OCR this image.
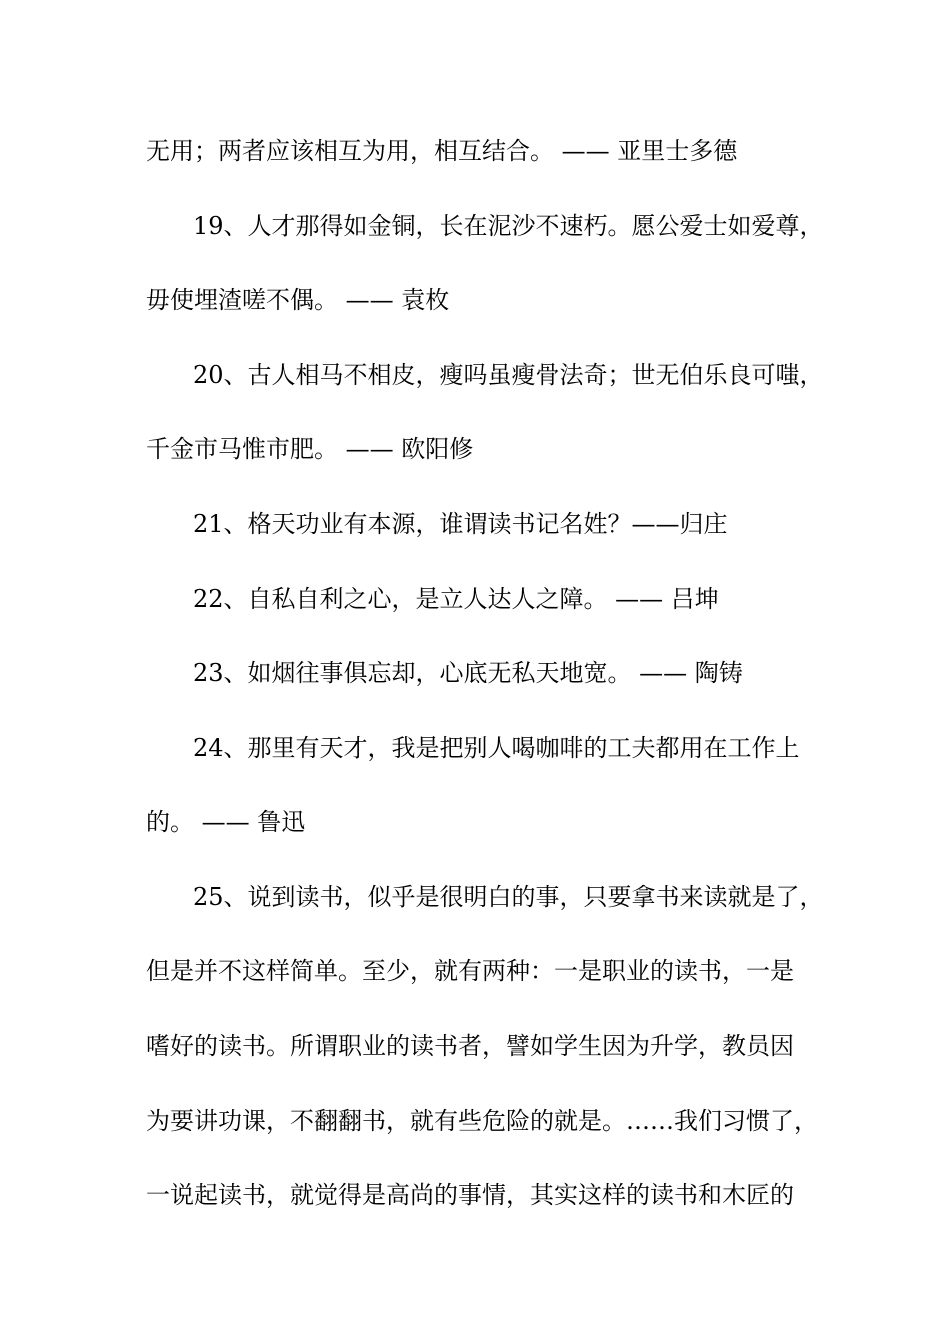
无用；两者应该相互为用，相互结合。 —— 亚里士多德
19、人才那得如金铜，长在泥沙不速朽。愿公爱士如爱尊，
毋使埋渣嗟不偶。 —— 袁枚
20、古人相马不相皮，瘦吗虽瘦骨法奇；世无伯乐良可嗤，
千金市马惟市肥。 —— 欧阳修
21、格天功业有本源，谁谓读书记名姓？——归庄
22、自私自利之心，是立人达人之障。 —— 吕坤
23、如烟往事俱忘却，心底无私天地宽。 —— 陶铸
24、那里有天才，我是把别人喝咖啡的工夫都用在工作上
的。 —— 鲁迅
25、说到读书，似乎是很明白的事，只要拿书来读就是了，
但是并不这样简单。至少，就有两种：一是职业的读书，一是
嗜好的读书。所谓职业的读书者，譬如学生因为升学，教员因
为要讲功课，不翻翻书，就有些危险的就是。……我们习惯了，
一说起读书，就觉得是高尚的事情，其实这样的读书和木匠的
